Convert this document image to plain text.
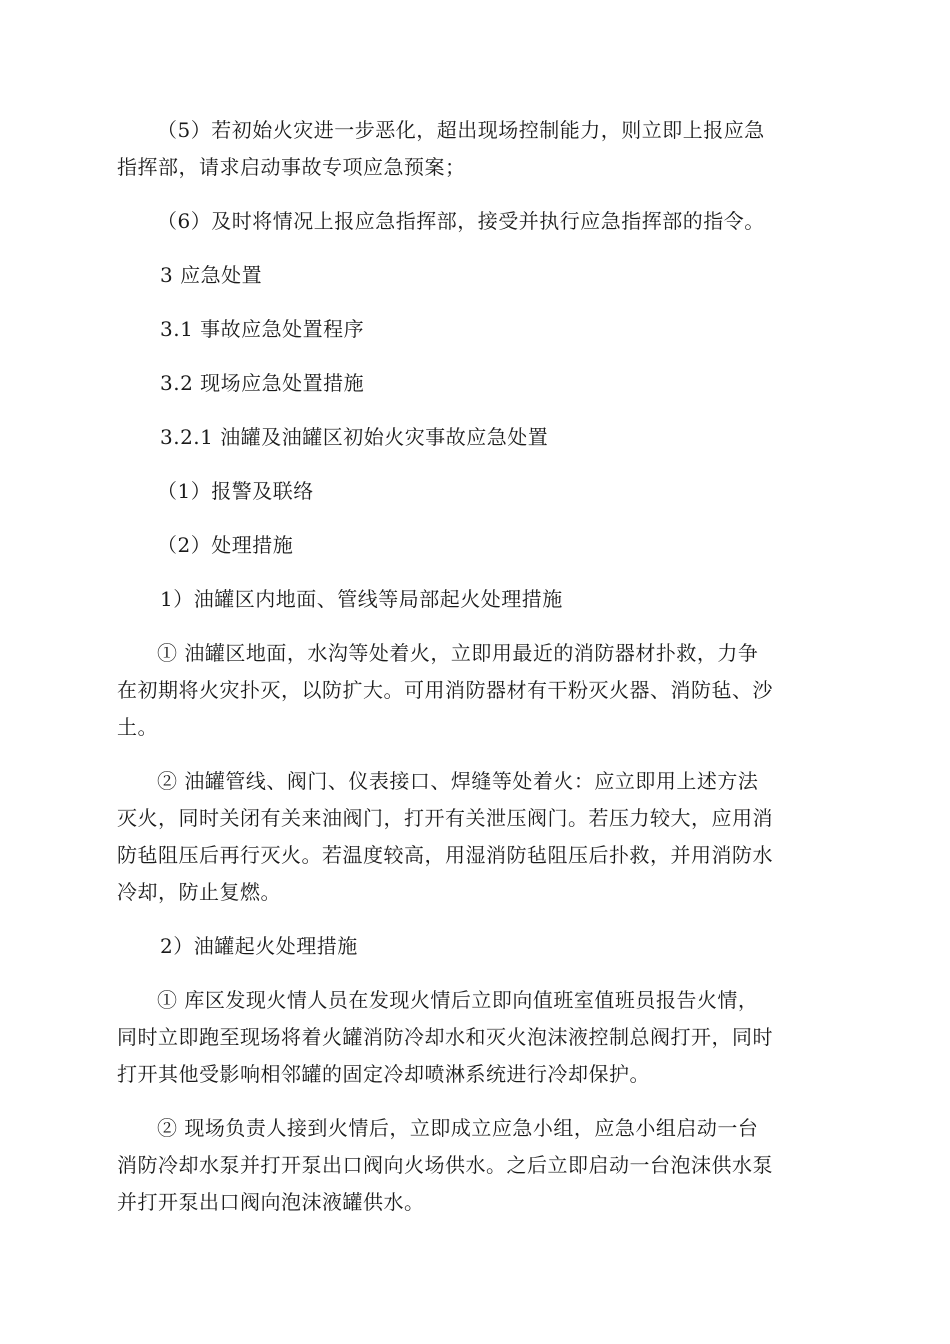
（5）若初始火灾进一步恶化，超出现场控制能力，则立即上报应急
指挥部，请求启动事故专项应急预案；
（6）及时将情况上报应急指挥部，接受并执行应急指挥部的指令。
3 应急处置
3.1 事故应急处置程序
3.2 现场应急处置措施
3.2.1 油罐及油罐区初始火灾事故应急处置
（1）报警及联络
（2）处理措施
1）油罐区内地面、管线等局部起火处理措施
① 油罐区地面，水沟等处着火，立即用最近的消防器材扑救，力争
在初期将火灾扑灭，以防扩大。可用消防器材有干粉灭火器、消防毡、沙
土。
② 油罐管线、阀门、仪表接口、焊缝等处着火：应立即用上述方法
灭火，同时关闭有关来油阀门，打开有关泄压阀门。若压力较大，应用消
防毡阻压后再行灭火。若温度较高，用湿消防毡阻压后扑救，并用消防水
冷却，防止复燃。
2）油罐起火处理措施
① 库区发现火情人员在发现火情后立即向值班室值班员报告火情，
同时立即跑至现场将着火罐消防冷却水和灭火泡沫液控制总阀打开，同时
打开其他受影响相邻罐的固定冷却喷淋系统进行冷却保护。
② 现场负责人接到火情后，立即成立应急小组，应急小组启动一台
消防冷却水泵并打开泵出口阀向火场供水。之后立即启动一台泡沫供水泵
并打开泵出口阀向泡沫液罐供水。
